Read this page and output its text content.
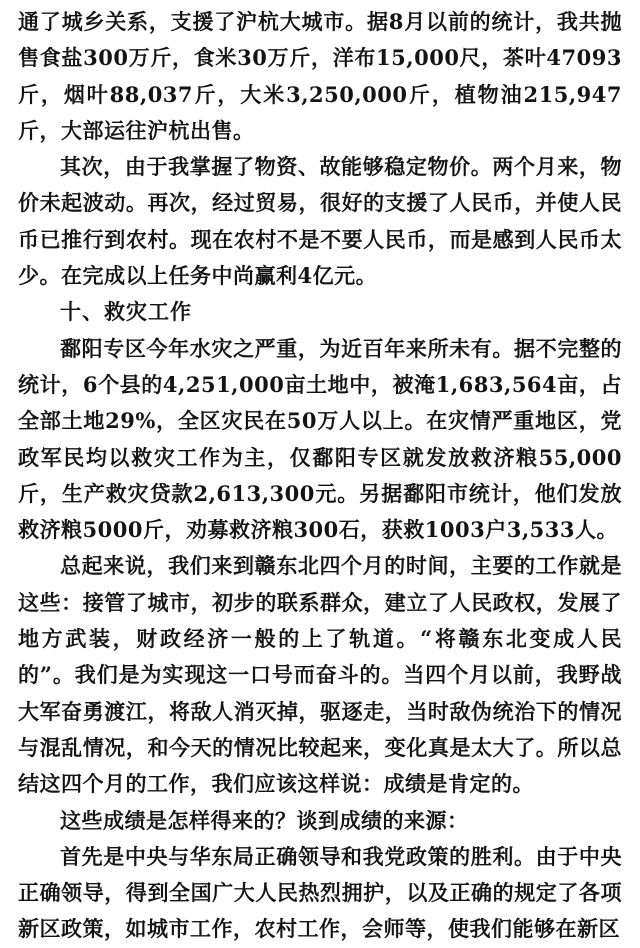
通了城乡关系，支援了沪杭大城市。据8月以前的统计，我共抛售食盐300万斤，食米30万斤，洋布15,000尺，茶叶47093斤，烟叶88,037斤，大米3,250,000斤，植物油215,947斤，大部运往沪杭出售。

其次，由于我掌握了物资、故能够稳定物价。两个月来，物价未起波动。再次，经过贸易，很好的支援了人民币，并使人民币已推行到农村。现在农村不是不要人民币，而是感到人民币太少。在完成以上任务中尚赢利4亿元。

十、救灾工作

鄱阳专区今年水灾之严重，为近百年来所未有。据不完整的统计，6个县的4,251,000亩土地中，被淹1,683,564亩，占全部土地29%，全区灾民在50万人以上。在灾情严重地区，党政军民均以救灾工作为主，仅鄱阳专区就发放救济粮55,000斤，生产救灾贷款2,613,300元。另据鄱阳市统计，他们发放救济粮5000斤，劝募救济粮300石，获救1003户3,533人。

总起来说，我们来到赣东北四个月的时间，主要的工作就是这些：接管了城市，初步的联系群众，建立了人民政权，发展了地方武装，财政经济一般的上了轨道。“将赣东北变成人民的”。我们是为实现这一口号而奋斗的。当四个月以前，我野战大军奋勇渡江，将敌人消灭掉，驱逐走，当时敌伪统治下的情况与混乱情况，和今天的情况比较起来，变化真是太大了。所以总结这四个月的工作，我们应该这样说：成绩是肯定的。

这些成绩是怎样得来的？谈到成绩的来源：

首先是中央与华东局正确领导和我党政策的胜利。由于中央正确领导，得到全国广大人民热烈拥护，以及正确的规定了各项新区政策，如城市工作，农村工作，会师等，使我们能够在新区
